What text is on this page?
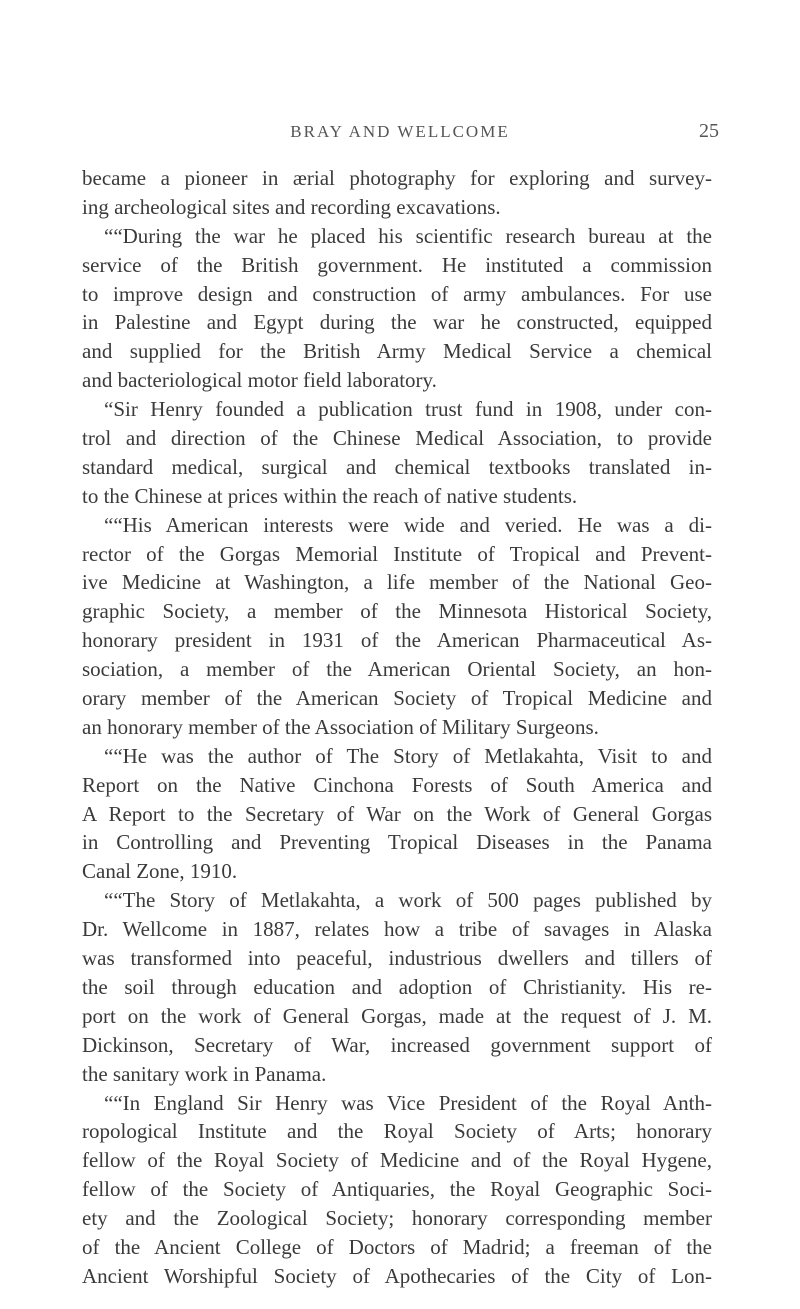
BRAY AND WELLCOME	25
became a pioneer in ærial photography for exploring and survey-
ing archeological sites and recording excavations.
““During the war he placed his scientific research bureau at the
service of the British government. He instituted a commission
to improve design and construction of army ambulances. For use
in Palestine and Egypt during the war he constructed, equipped
and supplied for the British Army Medical Service a chemical
and bacteriological motor field laboratory.
“Sir Henry founded a publication trust fund in 1908, under con-
trol and direction of the Chinese Medical Association, to provide
standard medical, surgical and chemical textbooks translated in-
to the Chinese at prices within the reach of native students.
““His American interests were wide and veried. He was a di-
rector of the Gorgas Memorial Institute of Tropical and Prevent-
ive Medicine at Washington, a life member of the National Geo-
graphic Society, a member of the Minnesota Historical Society,
honorary president in 1931 of the American Pharmaceutical As-
sociation, a member of the American Oriental Society, an hon-
orary member of the American Society of Tropical Medicine and
an honorary member of the Association of Military Surgeons.
““He was the author of The Story of Metlakahta, Visit to and
Report on the Native Cinchona Forests of South America and
A Report to the Secretary of War on the Work of General Gorgas
in Controlling and Preventing Tropical Diseases in the Panama
Canal Zone, 1910.
““The Story of Metlakahta, a work of 500 pages published by
Dr. Wellcome in 1887, relates how a tribe of savages in Alaska
was transformed into peaceful, industrious dwellers and tillers of
the soil through education and adoption of Christianity. His re-
port on the work of General Gorgas, made at the request of J. M.
Dickinson, Secretary of War, increased government support of
the sanitary work in Panama.
““In England Sir Henry was Vice President of the Royal Anth-
ropological Institute and the Royal Society of Arts; honorary
fellow of the Royal Society of Medicine and of the Royal Hygene,
fellow of the Society of Antiquaries, the Royal Geographic Soci-
ety and the Zoological Society; honorary corresponding member
of the Ancient College of Doctors of Madrid; a freeman of the
Ancient Worshipful Society of Apothecaries of the City of Lon-
